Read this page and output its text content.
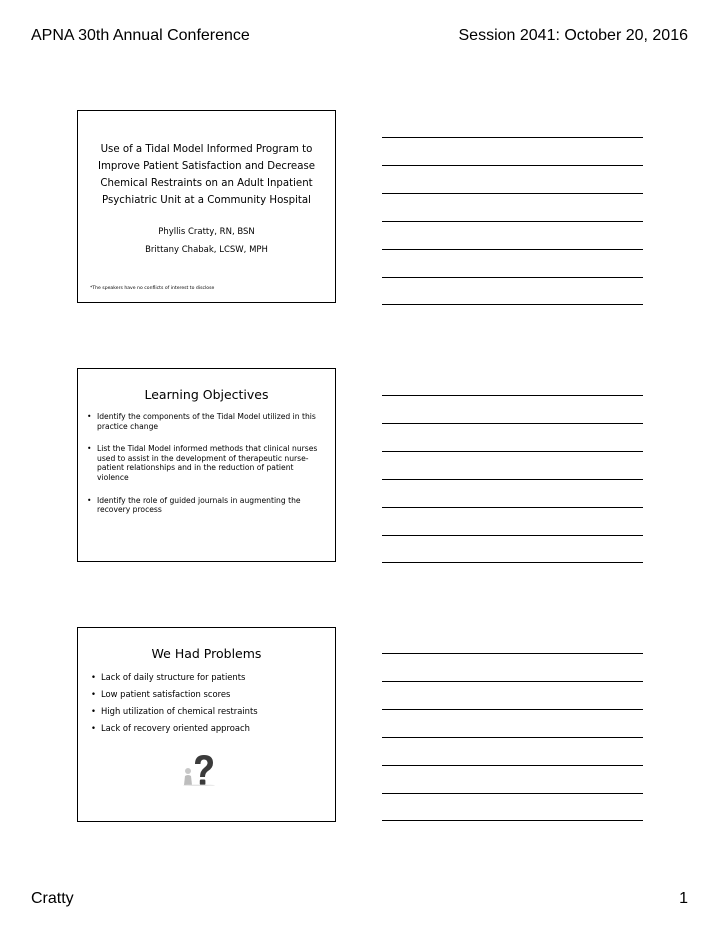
APNA 30th Annual Conference	Session 2041: October 20, 2016
Use of a Tidal Model Informed Program to
Improve Patient Satisfaction and Decrease
Chemical Restraints on an Adult Inpatient
Psychiatric Unit at a Community Hospital
Phyllis Cratty, RN, BSN
Brittany Chabak, LCSW, MPH
*The speakers have no conflicts of interest to disclose
Learning Objectives
• Identify the components of the Tidal Model utilized in this practice change
• List the Tidal Model informed methods that clinical nurses used to assist in the development of therapeutic nurse-patient relationships and in the reduction of patient violence
• Identify the role of guided journals in augmenting the recovery process
We Had Problems
• Lack of daily structure for patients
• Low patient satisfaction scores
• High utilization of chemical restraints
• Lack of recovery oriented approach
Cratty	1
